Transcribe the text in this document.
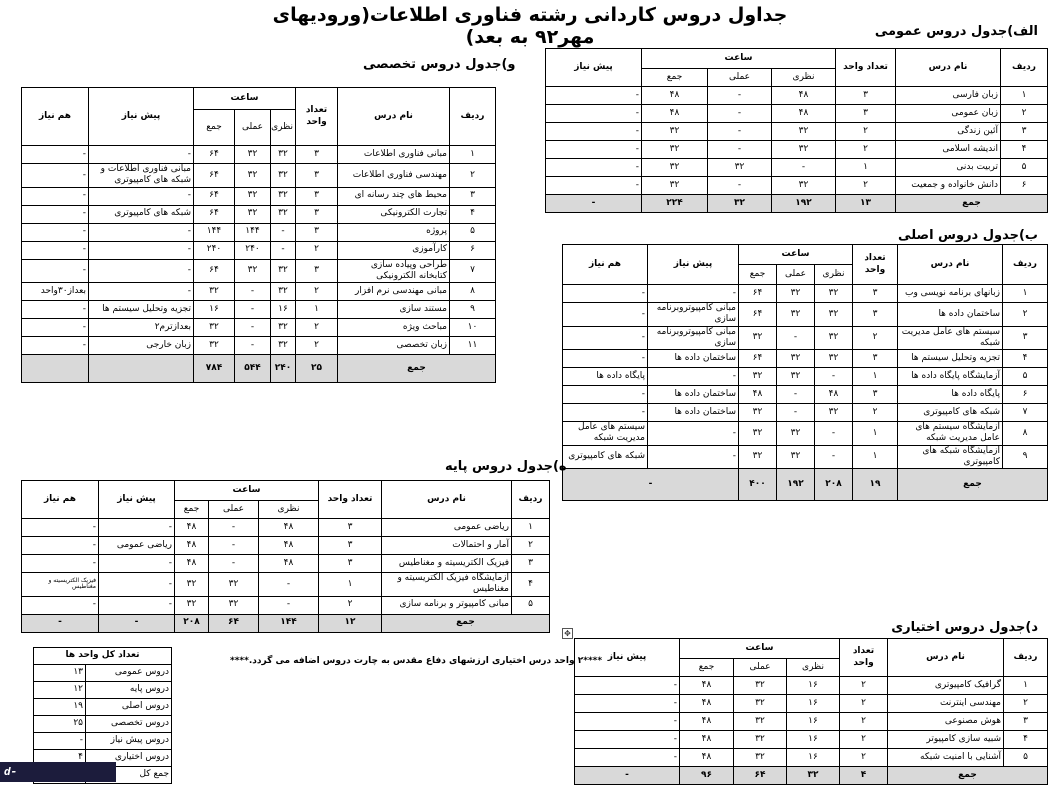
جداول دروس کاردانی رشته فناوری اطلاعات(ورودیهای مهر۹۲ به بعد)	الف)جدول دروس عمومی
ردیف	نام درس	تعداد واحد	ساعت			پیش نیاز
			نظری	عملی	جمع	
۱	زبان فارسی	۳	۴۸	-	۴۸	-
۲	زبان عمومی	۳	۴۸	-	۴۸	-
۳	آئین زندگی	۲	۳۲	-	۳۲	-
۴	اندیشه اسلامی	۲	۳۲	-	۳۲	-
۵	تربیت بدنی	۱	-	۳۲	۳۲	-
۶	دانش خانواده و جمعیت	۲	۳۲	-	۳۲	-
جمع		۱۳	۱۹۲	۳۲	۲۲۴	-
و)جدول دروس تخصصی
ردیف	نام درس	تعداد واحد	ساعت			پیش نیاز	هم نیاز
			نظری	عملی	جمع		
۱	مبانی فناوری اطلاعات	۳	۳۲	۳۲	۶۴	-	-
۲	مهندسی فناوری اطلاعات	۳	۳۲	۳۲	۶۴	مبانی فناوری اطلاعات و شبکه های کامپیوتری	-
۳	محیط های چند رسانه ای	۳	۳۲	۳۲	۶۴	-	-
۴	تجارت الکترونیکی	۳	۳۲	۳۲	۶۴	شبکه های کامپیوتری	-
۵	پروژه	۳	-	۱۴۴	۱۴۴	-	-
۶	کارآموزی	۲	-	۲۴۰	۲۴۰	-	-
۷	طراحی وپیاده سازی کتابخانه الکترونیکی	۳	۳۲	۳۲	۶۴	-	-
۸	مبانی مهندسی نرم افزار	۲	۳۲	-	۳۲	-	بعداز۳۰واحد
۹	مستند سازی	۱	۱۶	-	۱۶	تجزیه وتحلیل سیستم ها	-
۱۰	مباحث ویژه	۲	۳۲	-	۳۲	بعدازترم۲	-
۱۱	زبان تخصصی	۲	۳۲	-	۳۲	زبان خارجی	-
جمع		۲۵	۲۴۰	۵۴۴	۷۸۴		
ب)جدول دروس اصلی
ردیف	نام درس	تعداد واحد	ساعت			پیش نیاز	هم نیاز
			نظری	عملی	جمع		
۱	زبانهای برنامه نویسی وب	۳	۳۲	۳۲	۶۴	-	-
۲	ساختمان داده ها	۳	۳۲	۳۲	۶۴	مبانی کامپیوتروبرنامه سازی	-
۳	سیستم های عامل مدیریت شبکه	۲	۳۲	-	۳۲	مبانی کامپیوتروبرنامه سازی	-
۴	تجزیه وتحلیل سیستم ها	۳	۳۲	۳۲	۶۴	ساختمان داده ها	-
۵	آزمایشگاه پایگاه داده ها	۱	-	۳۲	۳۲	-	پایگاه داده ها
۶	پایگاه داده ها	۳	۴۸	-	۴۸	ساختمان داده ها	-
۷	شبکه های کامپیوتری	۲	۳۲	-	۳۲	ساختمان داده ها	-
۸	آزمایشگاه سیستم های عامل مدیریت شبکه	۱	-	۳۲	۳۲	-	سیستم های عامل مدیریت شبکه
۹	آزمایشگاه شبکه های کامپیوتری	۱	-	۳۲	۳۲	-	شبکه های کامپیوتری
جمع		۱۹	۲۰۸	۱۹۲	۴۰۰	-	
ه)جدول دروس پایه
ردیف	نام درس	تعداد واحد	ساعت			پیش نیاز	هم نیاز
			نظری	عملی	جمع		
۱	ریاضی عمومی	۳	۴۸	-	۴۸	-	-
۲	آمار و احتمالات	۳	۴۸	-	۴۸	ریاضی عمومی	-
۳	فیزیک الکتریسیته و مغناطیس	۳	۴۸	-	۴۸	-	-
۴	آزمایشگاه فیزیک الکتریسیته و مغناطیس	۱	-	۳۲	۳۲	-	فیزیک الکتریسیته و مغناطیس
۵	مبانی کامپیوتر و برنامه سازی	۲	-	۳۲	۳۲	-	-
جمع		۱۲	۱۴۴	۶۴	۲۰۸	-	-
✥	د)جدول دروس اختیاری
ردیف	نام درس	تعداد واحد	ساعت			پیش نیاز
			نظری	عملی	جمع	
۱	گرافیک کامپیوتری	۲	۱۶	۳۲	۴۸	-
۲	مهندسی اینترنت	۲	۱۶	۳۲	۴۸	-
۳	هوش مصنوعی	۲	۱۶	۳۲	۴۸	-
۴	شبیه سازی کامپیوتر	۲	۱۶	۳۲	۴۸	-
۵	آشنایی با امنیت شبکه	۲	۱۶	۳۲	۴۸	-
جمع		۴	۳۲	۶۴	۹۶	-
****۲ واحد درس اختیاری ارزشهای دفاع مقدس به چارت دروس اضافه می گردد.****
تعداد کل واحد ها	
دروس عمومی	۱۳
دروس پایه	۱۲
دروس اصلی	۱۹
دروس تخصصی	۲۵
دروس پیش نیاز	-
دروس اختیاری	۴
جمع کل	
d-semnan.iau.ac.ir
